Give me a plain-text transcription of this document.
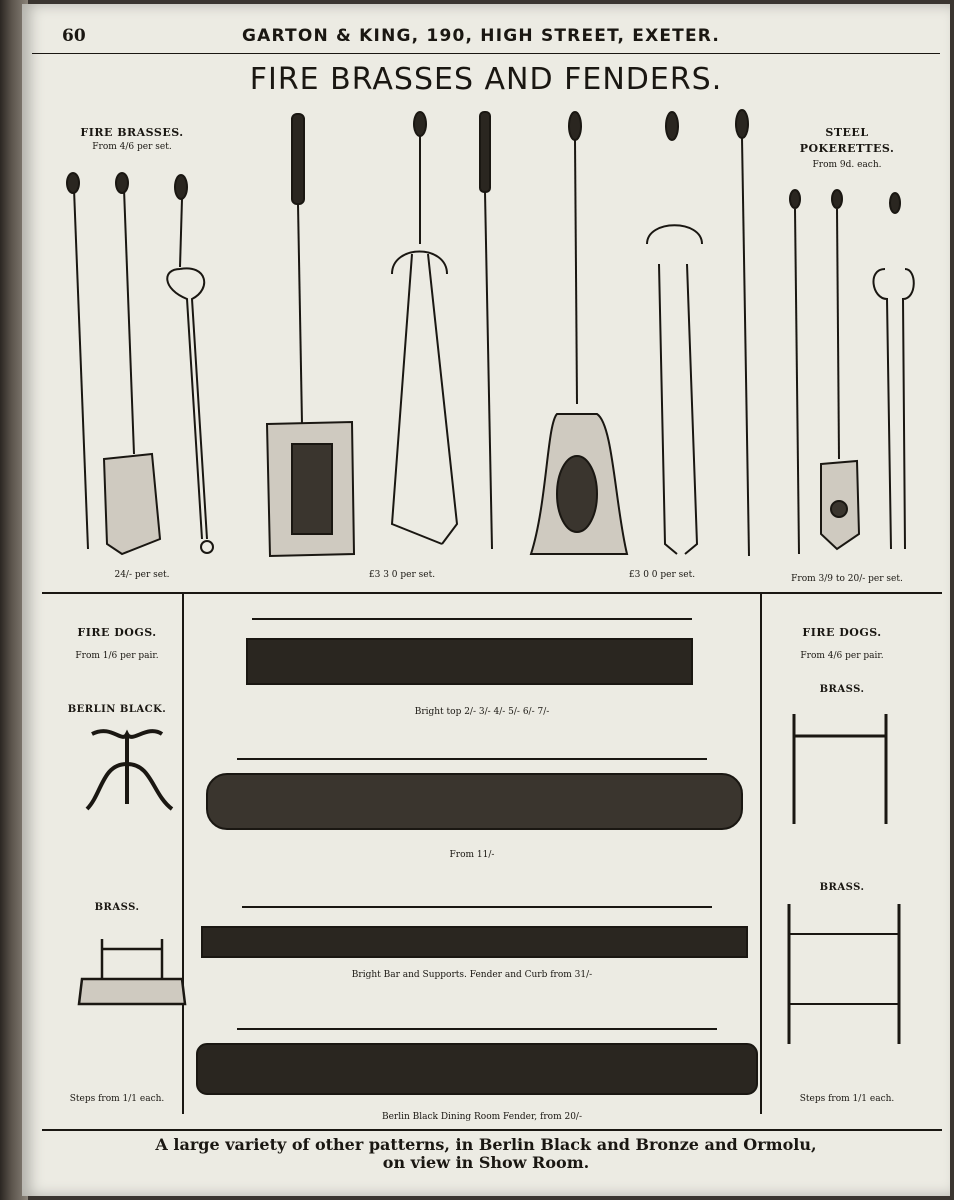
60	GARTON & KING, 190, HIGH STREET, EXETER.
FIRE BRASSES AND FENDERS.
FIRE BRASSES.
From 4/6 per set.
STEEL
POKERETTES.
From 9d. each.
24/- per set.	£3 3 0 per set.	£3 0 0 per set.	From 3/9 to 20/- per set.
FIRE DOGS.
From 1/6 per pair.
BERLIN BLACK.
BRASS.
Steps from 1/1 each.
Bright top 2/- 3/- 4/- 5/- 6/- 7/-
From 11/-
Bright Bar and Supports. Fender and Curb from 31/-
Berlin Black Dining Room Fender, from 20/-
FIRE DOGS.
From 4/6 per pair.
BRASS.
BRASS.
Steps from 1/1 each.
A large variety of other patterns, in Berlin Black and Bronze and Ormolu,
on view in Show Room.
